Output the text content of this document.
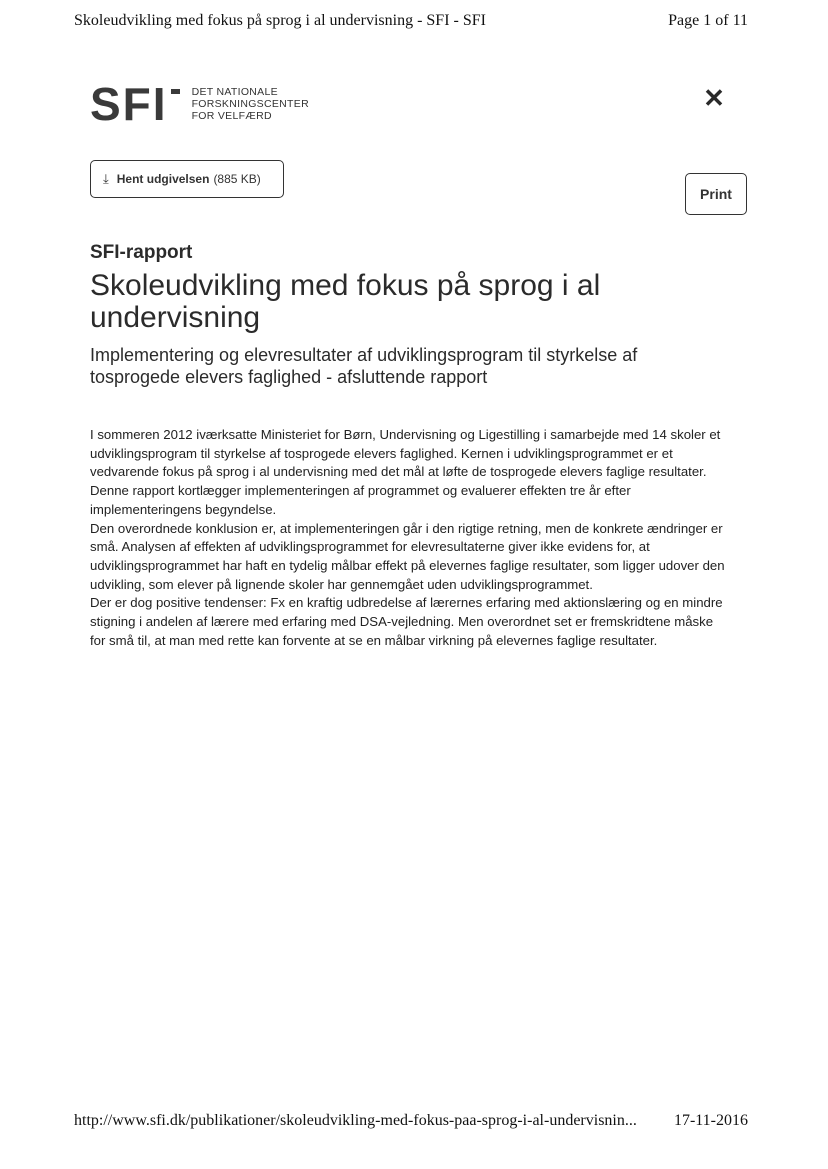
Skoleudvikling med fokus på sprog i al undervisning - SFI - SFI	Page 1 of 11
SFI DET NATIONALE
FORSKNINGSCENTER
FOR VELFÆRD
✕
⤓ Hent udgivelsen (885 KB)
Print
SFI-rapport
Skoleudvikling med fokus på sprog i al undervisning
Implementering og elevresultater af udviklingsprogram til styrkelse af tosprogede elevers faglighed - afsluttende rapport

I sommeren 2012 iværksatte Ministeriet for Børn, Undervisning og Ligestilling i samarbejde med 14 skoler et udviklingsprogram til styrkelse af tosprogede elevers faglighed. Kernen i udviklingsprogrammet er et vedvarende fokus på sprog i al undervisning med det mål at løfte de tosprogede elevers faglige resultater.

Denne rapport kortlægger implementeringen af programmet og evaluerer effekten tre år efter implementeringens begyndelse.

Den overordnede konklusion er, at implementeringen går i den rigtige retning, men de konkrete ændringer er små. Analysen af effekten af udviklingsprogrammet for elevresultaterne giver ikke evidens for, at udviklingsprogrammet har haft en tydelig målbar effekt på elevernes faglige resultater, som ligger udover den udvikling, som elever på lignende skoler har gennemgået uden udviklingsprogrammet.

Der er dog positive tendenser: Fx en kraftig udbredelse af lærernes erfaring med aktionslæring og en mindre stigning i andelen af lærere med erfaring med DSA-vejledning. Men overordnet set er fremskridtene måske for små til, at man med rette kan forvente at se en målbar virkning på elevernes faglige resultater.

http://www.sfi.dk/publikationer/skoleudvikling-med-fokus-paa-sprog-i-al-undervisnin... 17-11-2016
